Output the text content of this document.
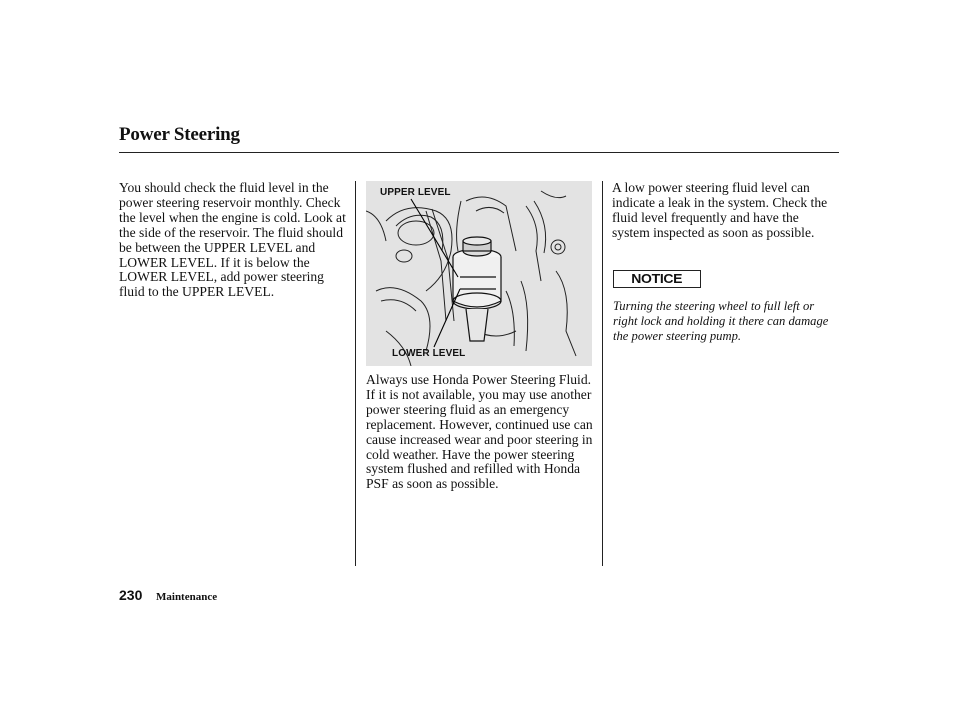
Power Steering

You should check the fluid level in the power steering reservoir monthly. Check the level when the engine is cold. Look at the side of the reservoir. The fluid should be between the UPPER LEVEL and LOWER LEVEL. If it is below the LOWER LEVEL, add power steering fluid to the UPPER LEVEL.

UPPER LEVEL
LOWER LEVEL

Always use Honda Power Steering Fluid. If it is not available, you may use another power steering fluid as an emergency replacement. However, continued use can cause increased wear and poor steering in cold weather. Have the power steering system flushed and refilled with Honda PSF as soon as possible.

A low power steering fluid level can indicate a leak in the system. Check the fluid level frequently and have the system inspected as soon as possible.

NOTICE

Turning the steering wheel to full left or right lock and holding it there can damage the power steering pump.

230 Maintenance
